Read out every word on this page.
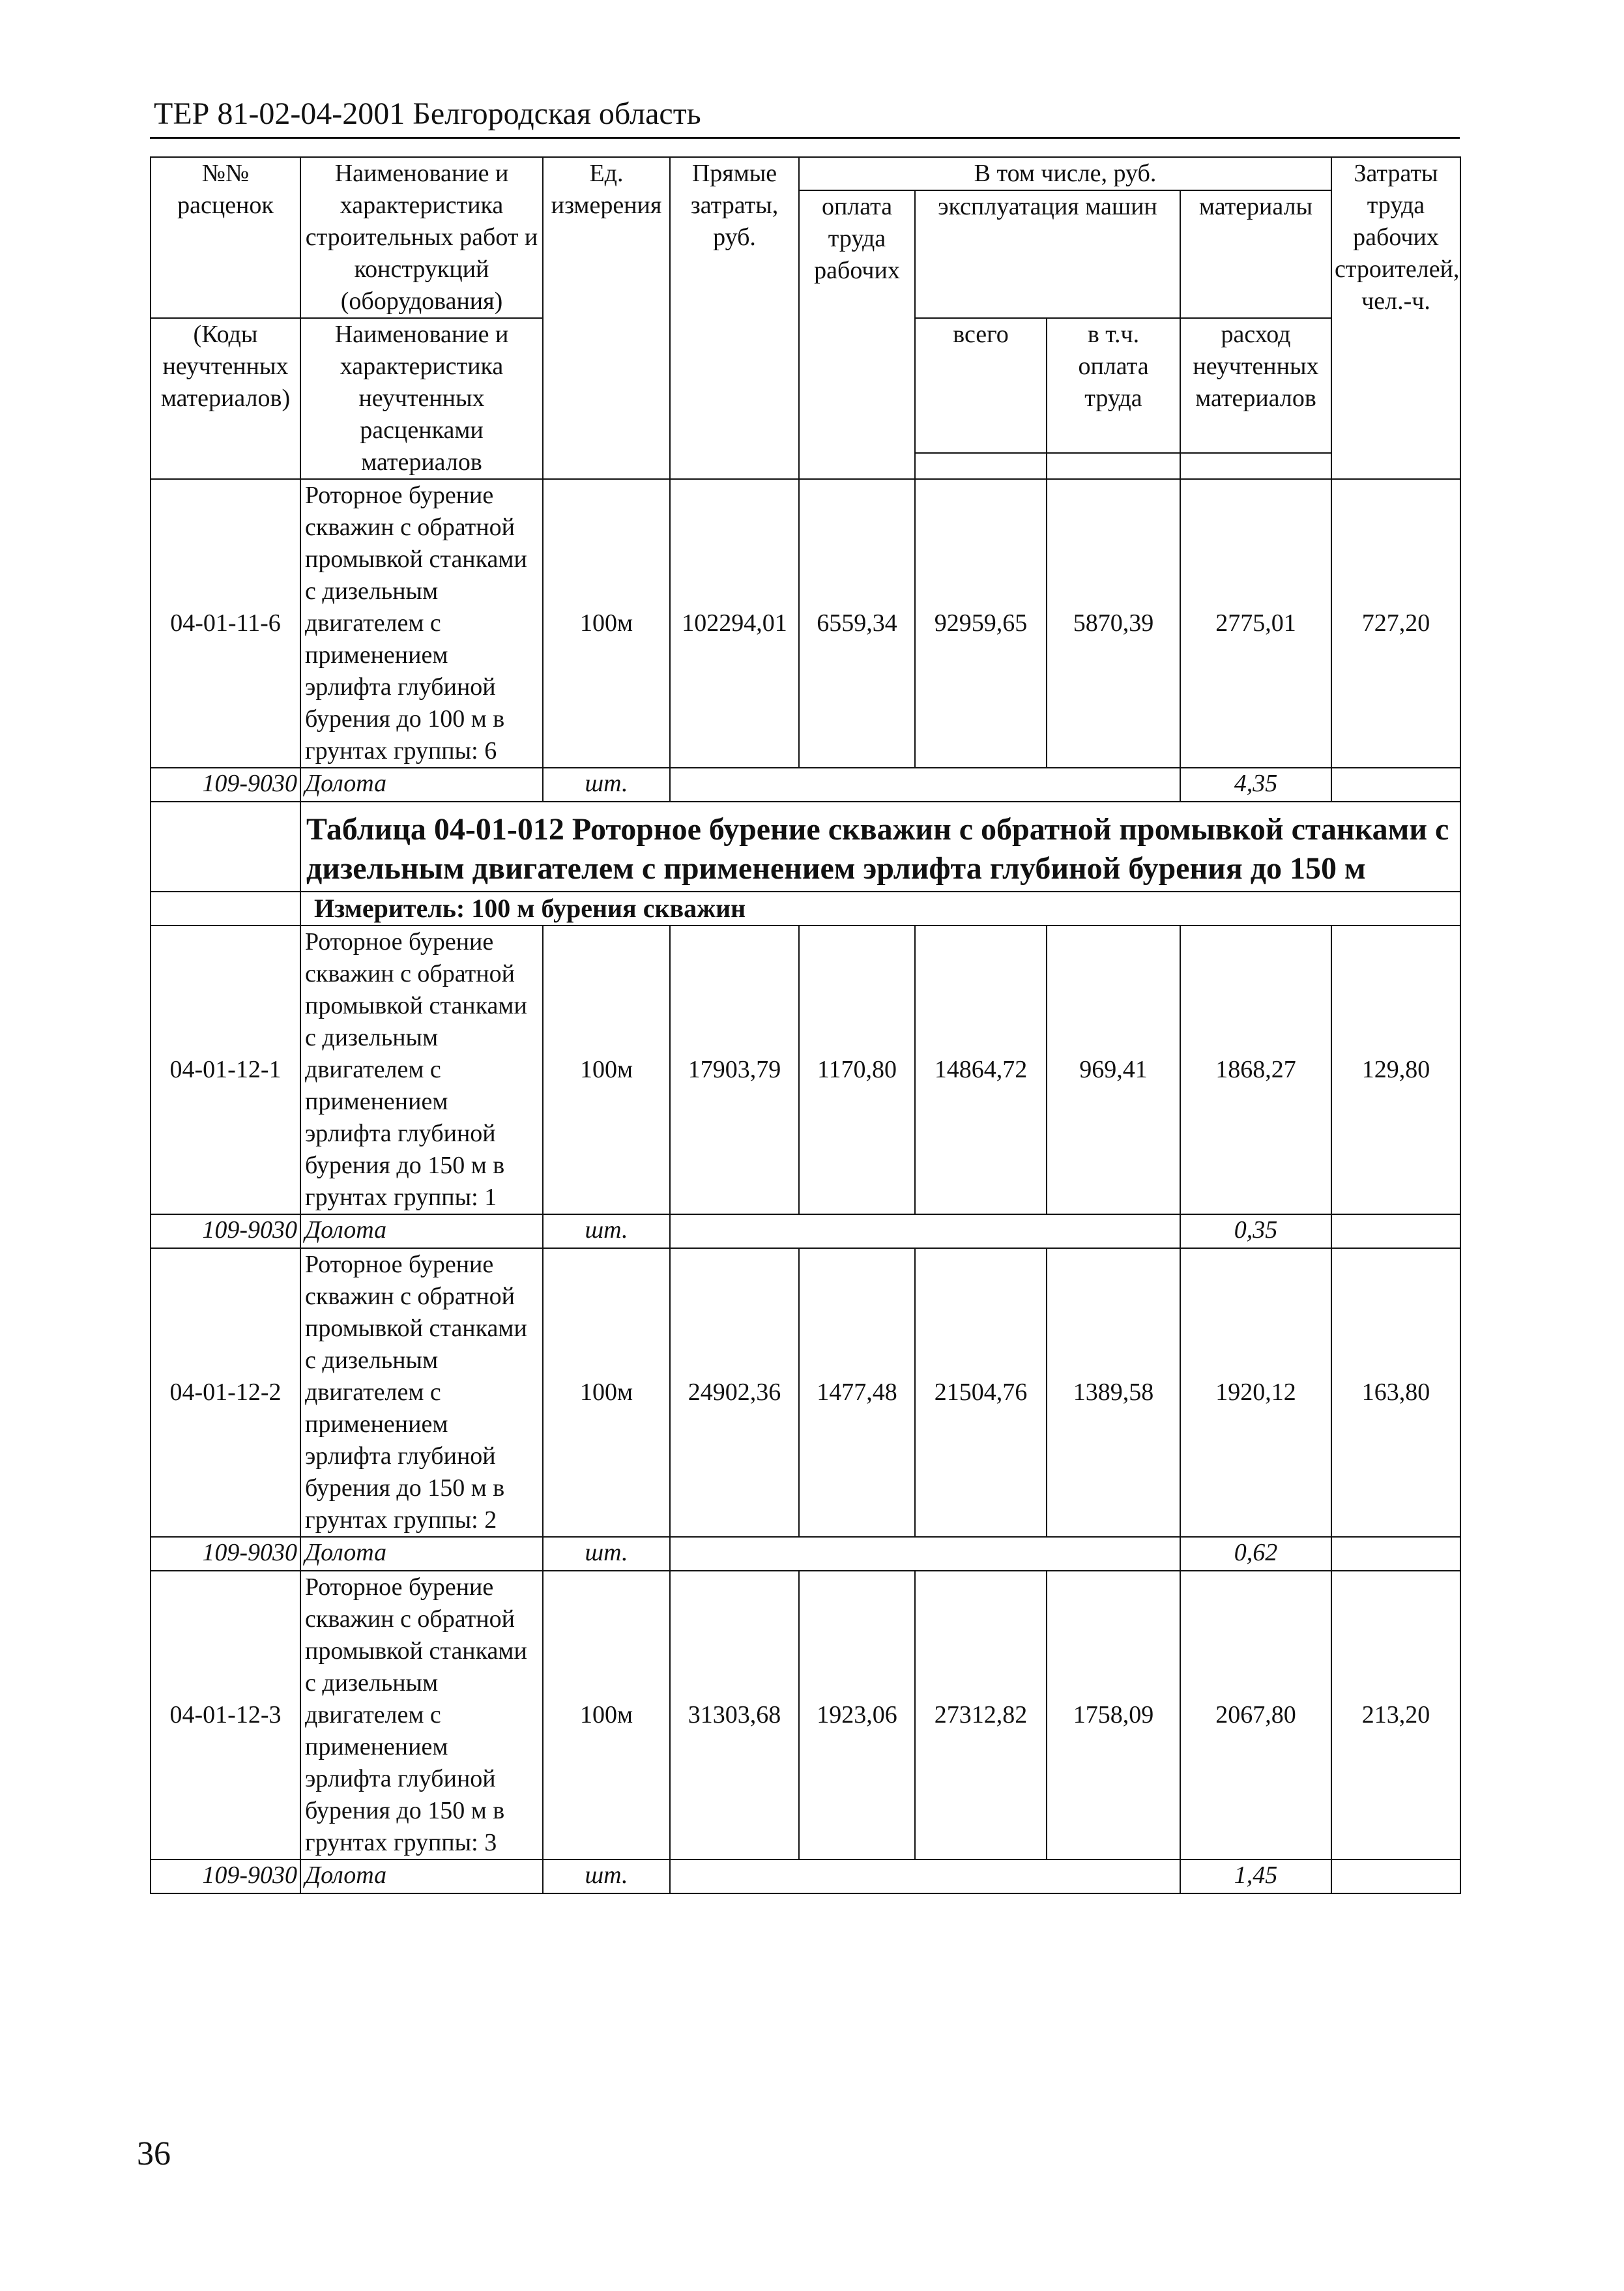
ТЕР 81-02-04-2001 Белгородская область
№№ расценок	Наименование и характеристика строительных работ и конструкций (оборудования)	Ед. измерения	Прямые затраты, руб.	В том числе, руб.				Затраты труда рабочих строителей, чел.-ч.
				оплата труда рабочих	эксплуатация машин		материалы	
(Коды неучтенных материалов)	Наименование и характеристика неучтенных расценками материалов				всего	в т.ч. оплата труда	расход неучтенных материалов	

04-01-11-6	Роторное бурение скважин с обратной промывкой станками с дизельным двигателем с применением эрлифта глубиной бурения до 100 м в грунтах группы: 6	100м	102294,01	6559,34	92959,65	5870,39	2775,01	727,20
109-9030	Долота	шт.					4,35	
	Таблица 04-01-012 Роторное бурение скважин с обратной промывкой станками с дизельным двигателем с применением эрлифта глубиной бурения до 150 м							
	Измеритель: 100 м бурения скважин							
04-01-12-1	Роторное бурение скважин с обратной промывкой станками с дизельным двигателем с применением эрлифта глубиной бурения до 150 м в грунтах группы: 1	100м	17903,79	1170,80	14864,72	969,41	1868,27	129,80
109-9030	Долота	шт.					0,35	
04-01-12-2	Роторное бурение скважин с обратной промывкой станками с дизельным двигателем с применением эрлифта глубиной бурения до 150 м в грунтах группы: 2	100м	24902,36	1477,48	21504,76	1389,58	1920,12	163,80
109-9030	Долота	шт.					0,62	
04-01-12-3	Роторное бурение скважин с обратной промывкой станками с дизельным двигателем с применением эрлифта глубиной бурения до 150 м в грунтах группы: 3	100м	31303,68	1923,06	27312,82	1758,09	2067,80	213,20
109-9030	Долота	шт.					1,45	
36
